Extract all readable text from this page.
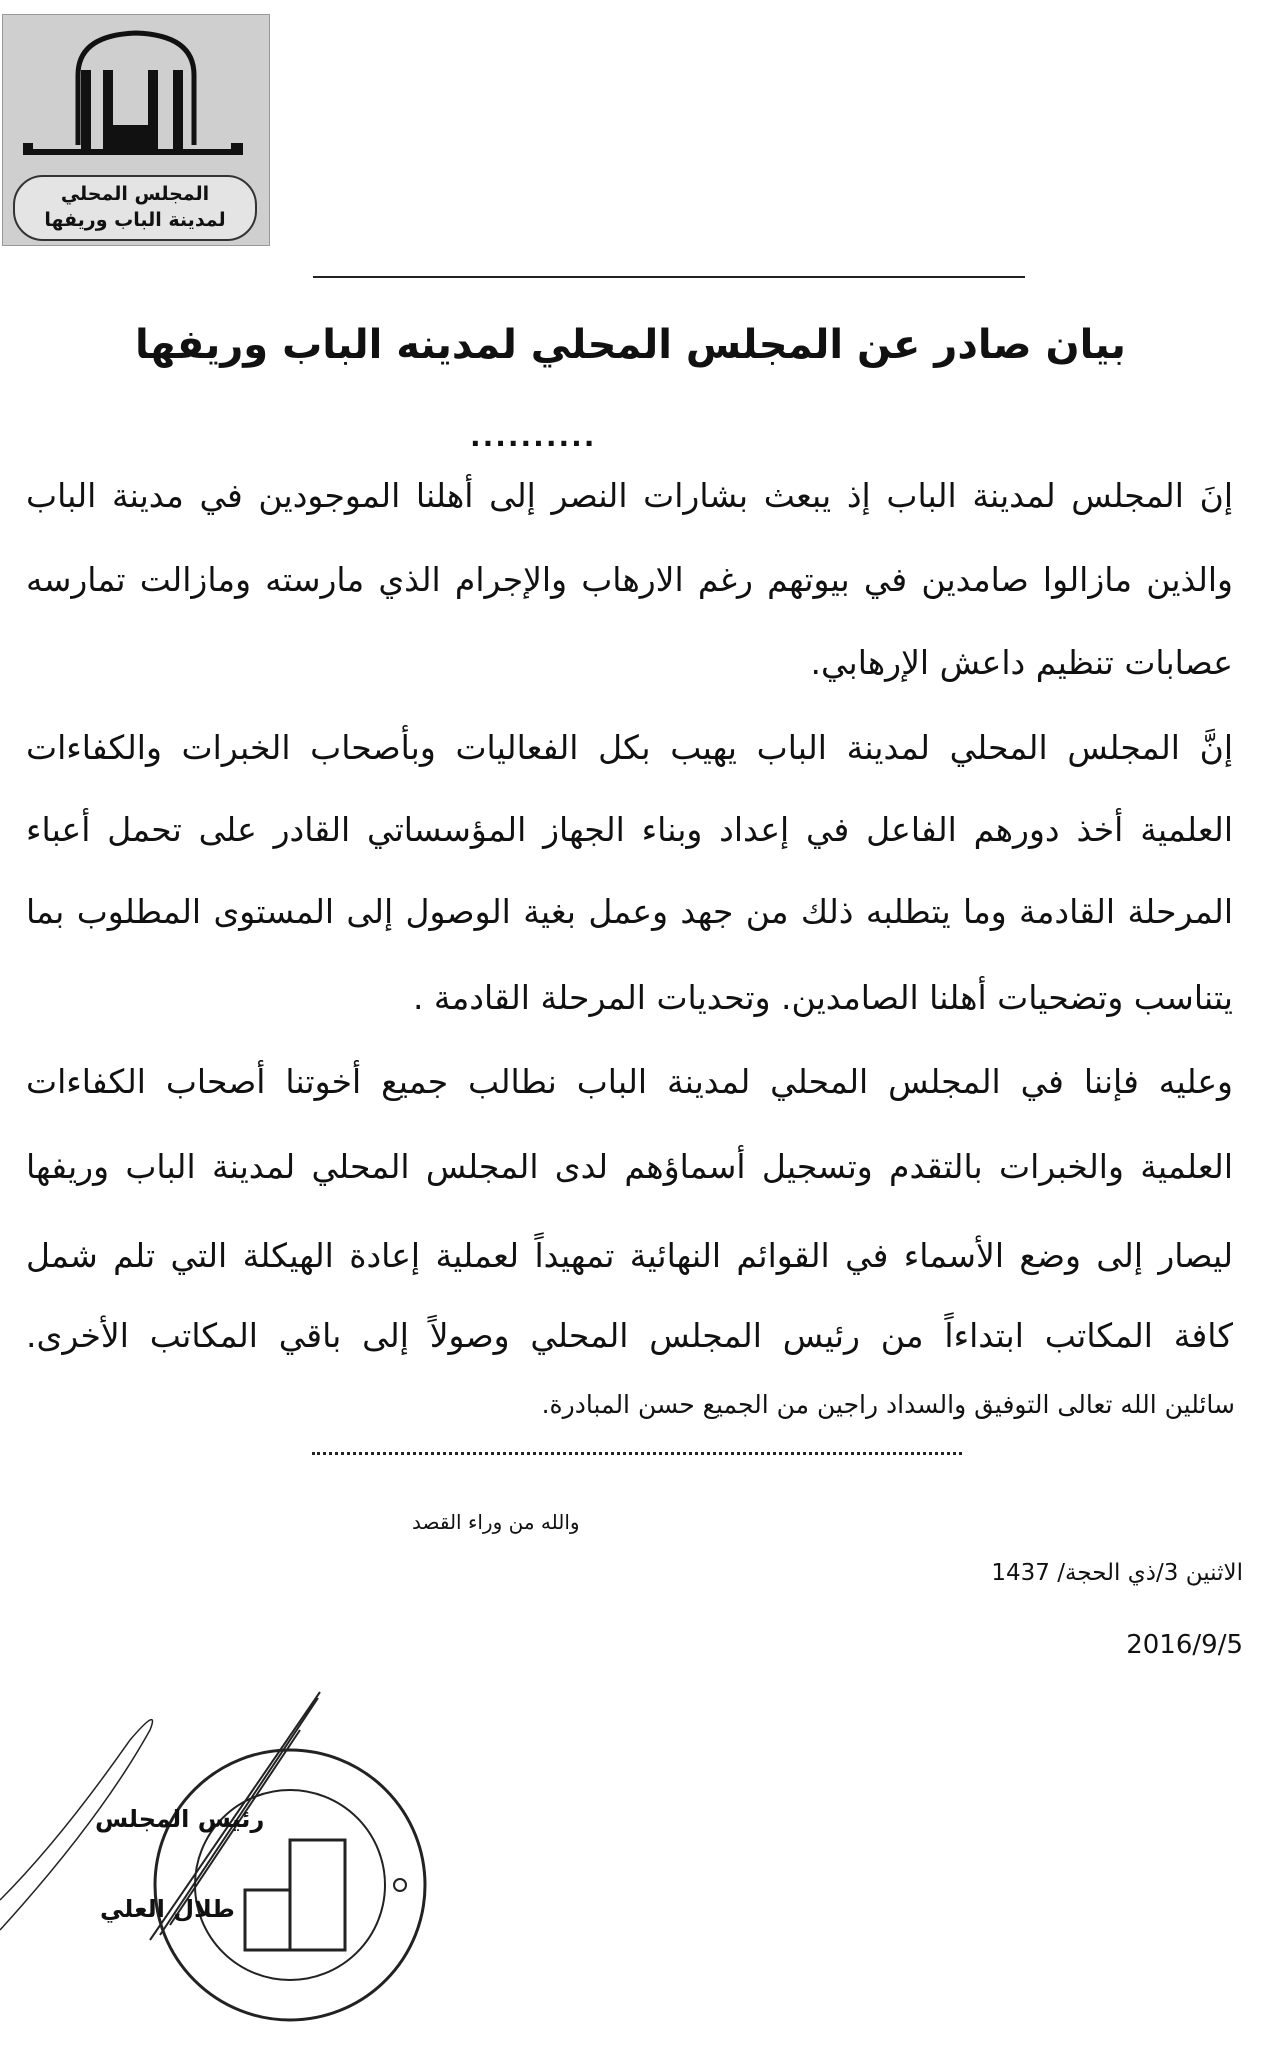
المجلس المحلي
لمدينة الباب وريفها
بيان صادر عن المجلس المحلي لمدينه الباب وريفها
..........
إنَ المجلس لمدينة الباب إذ يبعث بشارات النصر إلى أهلنا الموجودين في مدينة الباب
والذين مازالوا صامدين في بيوتهم رغم الارهاب والإجرام الذي مارسته ومازالت تمارسه
عصابات تنظيم داعش الإرهابي.
إنَّ المجلس المحلي لمدينة الباب يهيب بكل الفعاليات وبأصحاب الخبرات والكفاءات
العلمية أخذ دورهم الفاعل في إعداد وبناء الجهاز المؤسساتي القادر على تحمل أعباء
المرحلة القادمة وما يتطلبه ذلك من جهد وعمل بغية الوصول إلى المستوى المطلوب بما
يتناسب وتضحيات أهلنا الصامدين. وتحديات المرحلة القادمة .
وعليه فإننا في المجلس المحلي لمدينة الباب نطالب جميع أخوتنا أصحاب الكفاءات
العلمية والخبرات بالتقدم وتسجيل أسماؤهم لدى المجلس المحلي لمدينة الباب وريفها
ليصار إلى وضع الأسماء في القوائم النهائية تمهيداً لعملية إعادة الهيكلة التي تلم شمل
كافة المكاتب ابتداءاً من رئيس المجلس المحلي وصولاً إلى باقي المكاتب الأخرى.
سائلين الله تعالى التوفيق والسداد راجين من الجميع حسن المبادرة.
والله من وراء القصد
الاثنين 3/ذي الحجة/ 1437
2016/9/5
رئيس المجلس
طلال العلي
